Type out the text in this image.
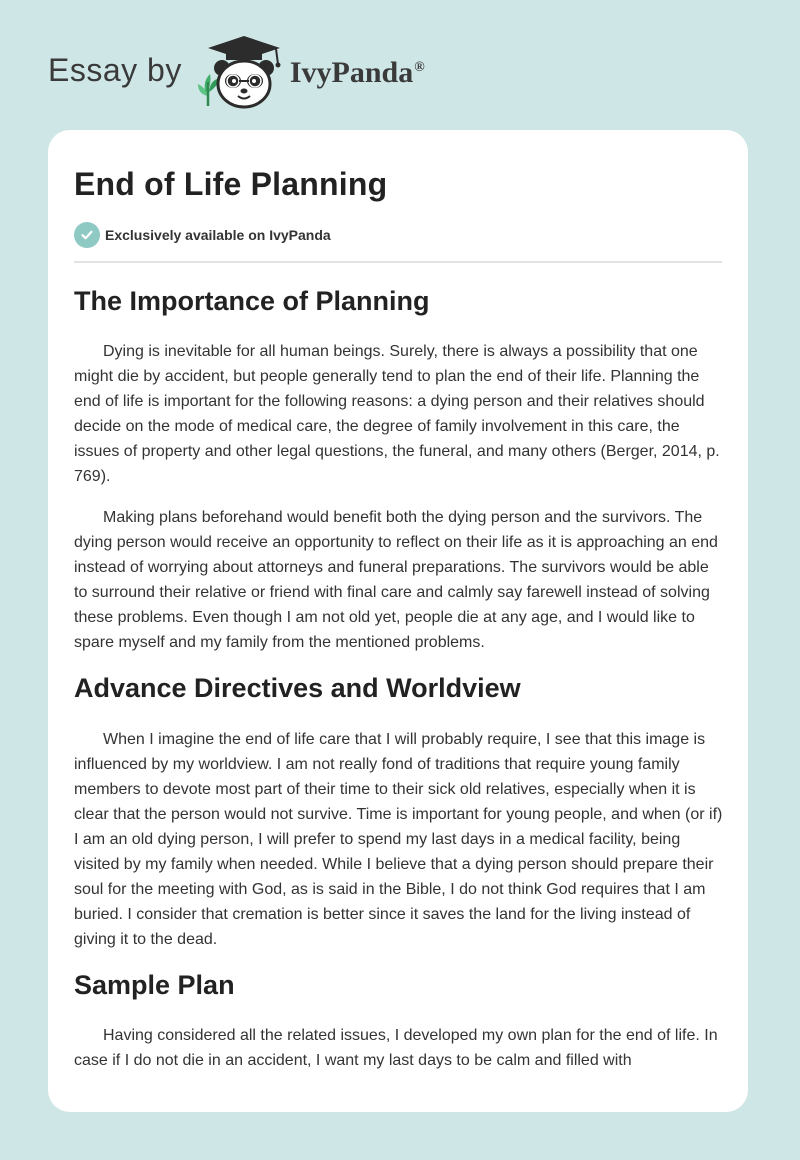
Essay by	IvyPanda®
End of Life Planning
Exclusively available on IvyPanda
The Importance of Planning

Dying is inevitable for all human beings. Surely, there is always a possibility that one might die by accident, but people generally tend to plan the end of their life. Planning the end of life is important for the following reasons: a dying person and their relatives should decide on the mode of medical care, the degree of family involvement in this care, the issues of property and other legal questions, the funeral, and many others (Berger, 2014, p. 769).

Making plans beforehand would benefit both the dying person and the survivors. The dying person would receive an opportunity to reflect on their life as it is approaching an end instead of worrying about attorneys and funeral preparations. The survivors would be able to surround their relative or friend with final care and calmly say farewell instead of solving these problems. Even though I am not old yet, people die at any age, and I would like to spare myself and my family from the mentioned problems.

Advance Directives and Worldview

When I imagine the end of life care that I will probably require, I see that this image is influenced by my worldview. I am not really fond of traditions that require young family members to devote most part of their time to their sick old relatives, especially when it is clear that the person would not survive. Time is important for young people, and when (or if) I am an old dying person, I will prefer to spend my last days in a medical facility, being visited by my family when needed. While I believe that a dying person should prepare their soul for the meeting with God, as is said in the Bible, I do not think God requires that I am buried. I consider that cremation is better since it saves the land for the living instead of giving it to the dead.

Sample Plan

Having considered all the related issues, I developed my own plan for the end of life. In case if I do not die in an accident, I want my last days to be calm and filled with
